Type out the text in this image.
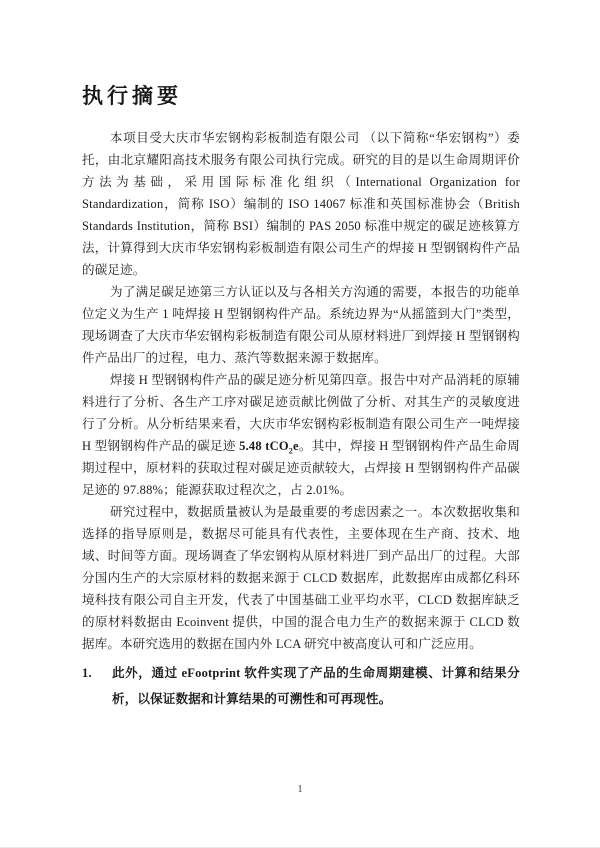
执行摘要

本项目受大庆市华宏钢构彩板制造有限公司 （以下简称“华宏钢构”）委托，由北京耀阳高技术服务有限公司执行完成。研究的目的是以生命周期评价方法为基础，采用国际标准化组织（International Organization for Standardization，简称 ISO）编制的 ISO 14067 标准和英国标准协会（British Standards Institution，简称 BSI）编制的 PAS 2050 标准中规定的碳足迹核算方法，计算得到大庆市华宏钢构彩板制造有限公司生产的焊接 H 型钢钢构件产品的碳足迹。

为了满足碳足迹第三方认证以及与各相关方沟通的需要，本报告的功能单位定义为生产 1 吨焊接 H 型钢钢构件产品。系统边界为“从摇篮到大门”类型，现场调查了大庆市华宏钢构彩板制造有限公司从原材料进厂到焊接 H 型钢钢构件产品出厂的过程，电力、蒸汽等数据来源于数据库。

焊接 H 型钢钢构件产品的碳足迹分析见第四章。报告中对产品消耗的原辅料进行了分析、各生产工序对碳足迹贡献比例做了分析、对其生产的灵敏度进行了分析。从分析结果来看，大庆市华宏钢构彩板制造有限公司生产一吨焊接 H 型钢钢构件产品的碳足迹 5.48 tCO$_2$e。其中，焊接 H 型钢钢构件产品生命周期过程中，原材料的获取过程对碳足迹贡献较大，占焊接 H 型钢钢构件产品碳足迹的 97.88%；能源获取过程次之，占 2.01%。

研究过程中，数据质量被认为是最重要的考虑因素之一。本次数据收集和选择的指导原则是，数据尽可能具有代表性，主要体现在生产商、技术、地域、时间等方面。现场调查了华宏钢构从原材料进厂到产品出厂的过程。大部分国内生产的大宗原材料的数据来源于 CLCD 数据库，此数据库由成都亿科环境科技有限公司自主开发，代表了中国基础工业平均水平，CLCD 数据库缺乏的原材料数据由 Ecoinvent 提供，中国的混合电力生产的数据来源于 CLCD 数据库。本研究选用的数据在国内外 LCA 研究中被高度认可和广泛应用。

1.	此外，通过 eFootprint 软件实现了产品的生命周期建模、计算和结果分析，以保证数据和计算结果的可溯性和可再现性。
1
